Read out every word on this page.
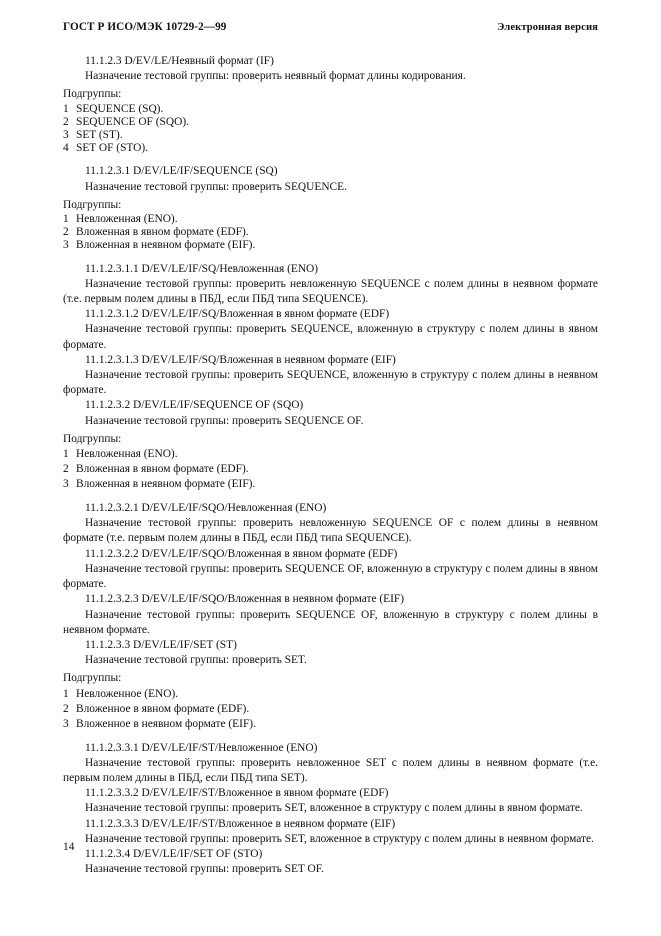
ГОСТ Р ИСО/МЭК 10729-2—99	Электронная версия

11.1.2.3 D/EV/LE/Неявный формат (IF)

Назначение тестовой группы: проверить неявный формат длины кодирования.

Подгруппы:

1 SEQUENCE (SQ).
2 SEQUENCE OF (SQO).
3 SET (ST).
4 SET OF (STO).

11.1.2.3.1 D/EV/LE/IF/SEQUENCE (SQ)

Назначение тестовой группы: проверить SEQUENCE.

Подгруппы:

1 Невложенная (ENO).
2 Вложенная в явном формате (EDF).
3 Вложенная в неявном формате (EIF).

11.1.2.3.1.1 D/EV/LE/IF/SQ/Невложенная (ENO)

Назначение тестовой группы: проверить невложенную SEQUENCE с полем длины в неявном формате (т.е. первым полем длины в ПБД, если ПБД типа SEQUENCE).

11.1.2.3.1.2 D/EV/LE/IF/SQ/Вложенная в явном формате (EDF)

Назначение тестовой группы: проверить SEQUENCE, вложенную в структуру с полем длины в явном формате.

11.1.2.3.1.3 D/EV/LE/IF/SQ/Вложенная в неявном формате (EIF)

Назначение тестовой группы: проверить SEQUENCE, вложенную в структуру с полем длины в неявном формате.

11.1.2.3.2 D/EV/LE/IF/SEQUENCE OF (SQO)

Назначение тестовой группы: проверить SEQUENCE OF.

Подгруппы:

1 Невложенная (ENO).
2 Вложенная в явном формате (EDF).
3 Вложенная в неявном формате (EIF).

11.1.2.3.2.1 D/EV/LE/IF/SQO/Невложенная (ENO)

Назначение тестовой группы: проверить невложенную SEQUENCE OF с полем длины в неявном формате (т.е. первым полем длины в ПБД, если ПБД типа SEQUENCE).

11.1.2.3.2.2 D/EV/LE/IF/SQO/Вложенная в явном формате (EDF)

Назначение тестовой группы: проверить SEQUENCE OF, вложенную в структуру с полем длины в явном формате.

11.1.2.3.2.3 D/EV/LE/IF/SQO/Вложенная в неявном формате (EIF)

Назначение тестовой группы: проверить SEQUENCE OF, вложенную в структуру с полем длины в неявном формате.

11.1.2.3.3 D/EV/LE/IF/SET (ST)

Назначение тестовой группы: проверить SET.

Подгруппы:

1 Невложенное (ENO).
2 Вложенное в явном формате (EDF).
3 Вложенное в неявном формате (EIF).

11.1.2.3.3.1 D/EV/LE/IF/ST/Невложенное (ENO)

Назначение тестовой группы: проверить невложенное SET с полем длины в неявном формате (т.е. первым полем длины в ПБД, если ПБД типа SET).

11.1.2.3.3.2 D/EV/LE/IF/ST/Вложенное в явном формате (EDF)

Назначение тестовой группы: проверить SET, вложенное в структуру с полем длины в явном формате.

11.1.2.3.3.3 D/EV/LE/IF/ST/Вложенное в неявном формате (EIF)

Назначение тестовой группы: проверить SET, вложенное в структуру с полем длины в неявном формате.

11.1.2.3.4 D/EV/LE/IF/SET OF (STO)

Назначение тестовой группы: проверить SET OF.

14
